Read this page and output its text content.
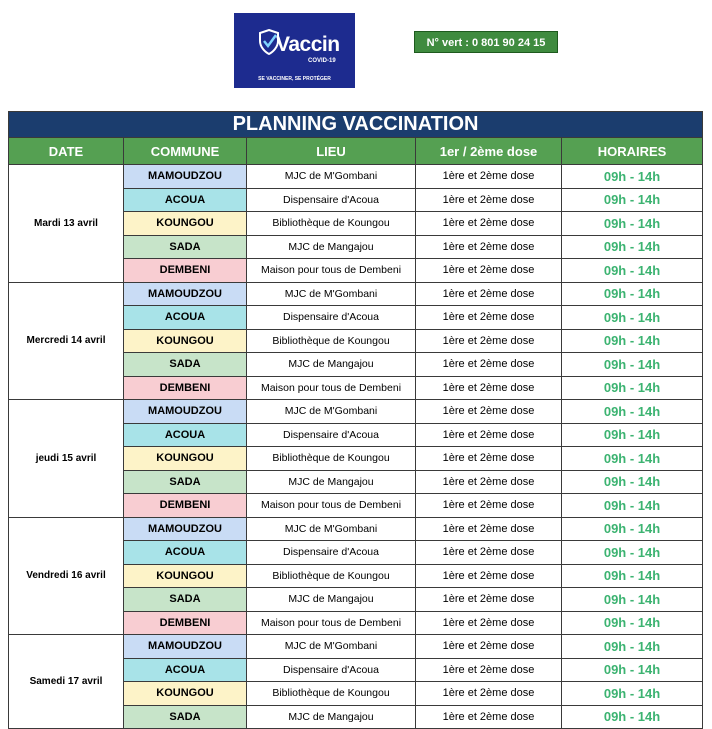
Vaccin
COVID-19
SE VACCINER, SE PROTÉGER
N° vert : 0 801 90 24 15
PLANNING VACCINATION				
DATE	COMMUNE	LIEU	1er / 2ème dose	HORAIRES
Mardi 13 avril	MAMOUDZOU	MJC de M'Gombani	1ère et 2ème dose	09h - 14h
	ACOUA	Dispensaire d'Acoua	1ère et 2ème dose	09h - 14h
	KOUNGOU	Bibliothèque de Koungou	1ère et 2ème dose	09h - 14h
	SADA	MJC de Mangajou	1ère et 2ème dose	09h - 14h
	DEMBENI	Maison pour tous de Dembeni	1ère et 2ème dose	09h - 14h
Mercredi 14 avril	MAMOUDZOU	MJC de M'Gombani	1ère et 2ème dose	09h - 14h
	ACOUA	Dispensaire d'Acoua	1ère et 2ème dose	09h - 14h
	KOUNGOU	Bibliothèque de Koungou	1ère et 2ème dose	09h - 14h
	SADA	MJC de Mangajou	1ère et 2ème dose	09h - 14h
	DEMBENI	Maison pour tous de Dembeni	1ère et 2ème dose	09h - 14h
jeudi 15 avril	MAMOUDZOU	MJC de M'Gombani	1ère et 2ème dose	09h - 14h
	ACOUA	Dispensaire d'Acoua	1ère et 2ème dose	09h - 14h
	KOUNGOU	Bibliothèque de Koungou	1ère et 2ème dose	09h - 14h
	SADA	MJC de Mangajou	1ère et 2ème dose	09h - 14h
	DEMBENI	Maison pour tous de Dembeni	1ère et 2ème dose	09h - 14h
Vendredi 16 avril	MAMOUDZOU	MJC de M'Gombani	1ère et 2ème dose	09h - 14h
	ACOUA	Dispensaire d'Acoua	1ère et 2ème dose	09h - 14h
	KOUNGOU	Bibliothèque de Koungou	1ère et 2ème dose	09h - 14h
	SADA	MJC de Mangajou	1ère et 2ème dose	09h - 14h
	DEMBENI	Maison pour tous de Dembeni	1ère et 2ème dose	09h - 14h
Samedi 17 avril	MAMOUDZOU	MJC de M'Gombani	1ère et 2ème dose	09h - 14h
	ACOUA	Dispensaire d'Acoua	1ère et 2ème dose	09h - 14h
	KOUNGOU	Bibliothèque de Koungou	1ère et 2ème dose	09h - 14h
	SADA	MJC de Mangajou	1ère et 2ème dose	09h - 14h
